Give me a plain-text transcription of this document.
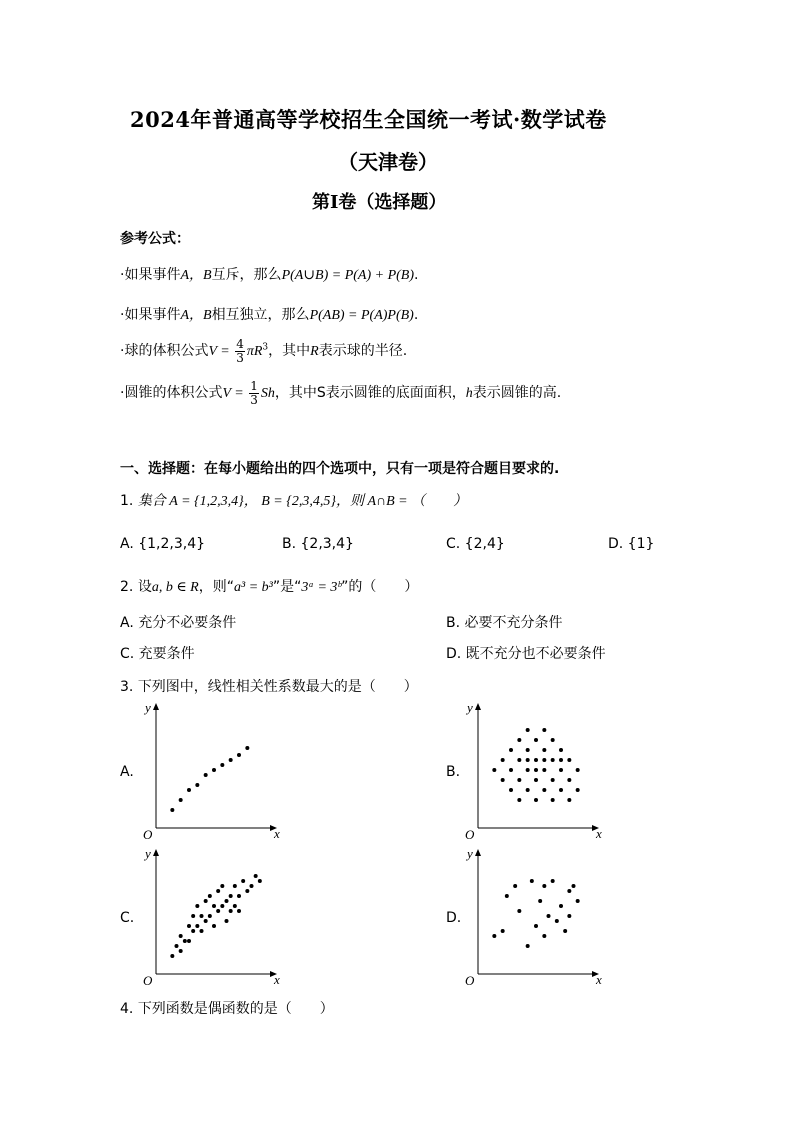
2024年普通高等学校招生全国统一考试·数学试卷
（天津卷）
第Ⅰ卷（选择题）
参考公式：
·如果事件A，B互斥，那么P(A∪B) = P(A) + P(B).
·如果事件A，B相互独立，那么P(AB) = P(A)P(B).
·球的体积公式$V = \frac{4}{3} \pi R^3$，其中R表示球的半径.
·圆锥的体积公式$V = \frac{1}{3}$ Sh，其中S表示圆锥的底面面积，h表示圆锥的高.
一、选择题：在每小题给出的四个选项中，只有一项是符合题目要求的.
1. 集合 A = {1,2,3,4}， B = {2,3,4,5}，则 A∩B = （　　）
A. {1,2,3,4}	B. {2,3,4}	C. {2,4}	D. {1}
2. 设a, b ∈ R，则“a³ = b³”是“3ᵃ = 3ᵇ”的（　　）
A. 充分不必要条件	B. 必要不充分条件
C. 充要条件	D. 既不充分也不必要条件
3. 下列图中，线性相关性系数最大的是（　　）
A.	B.
C.	D.
y
x
O
y
x
O
y
x
O
y
x
O
4. 下列函数是偶函数的是（　　）
